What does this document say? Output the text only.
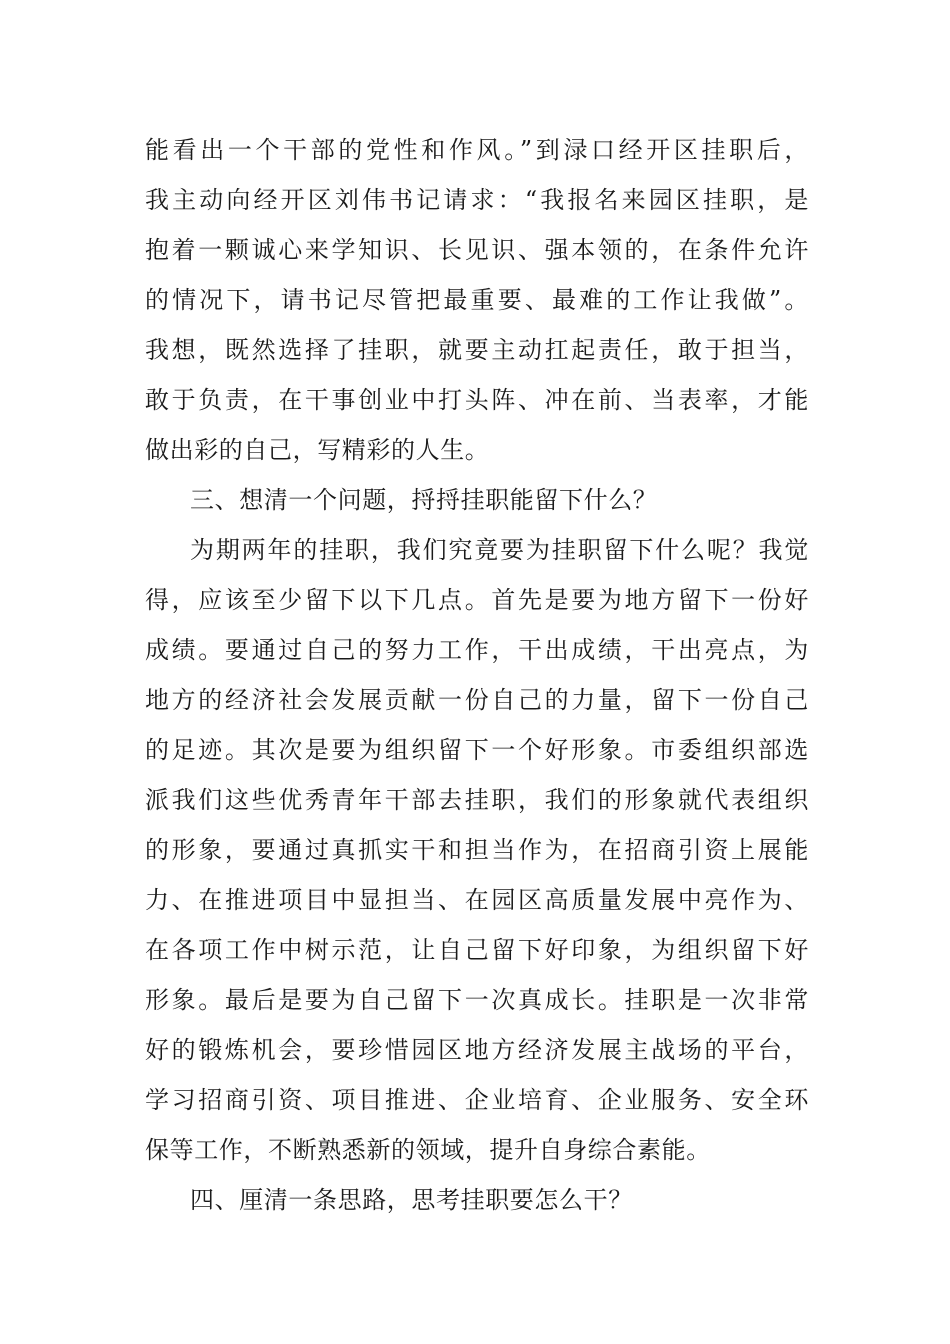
能看出一个干部的党性和作风。”到渌口经开区挂职后，
我主动向经开区刘伟书记请求：“我报名来园区挂职，是
抱着一颗诚心来学知识、长见识、强本领的，在条件允许
的情况下，请书记尽管把最重要、最难的工作让我做”。
我想，既然选择了挂职，就要主动扛起责任，敢于担当，
敢于负责，在干事创业中打头阵、冲在前、当表率，才能
做出彩的自己，写精彩的人生。
三、想清一个问题，捋捋挂职能留下什么？
为期两年的挂职，我们究竟要为挂职留下什么呢？我觉
得，应该至少留下以下几点。首先是要为地方留下一份好
成绩。要通过自己的努力工作，干出成绩，干出亮点，为
地方的经济社会发展贡献一份自己的力量，留下一份自己
的足迹。其次是要为组织留下一个好形象。市委组织部选
派我们这些优秀青年干部去挂职，我们的形象就代表组织
的形象，要通过真抓实干和担当作为，在招商引资上展能
力、在推进项目中显担当、在园区高质量发展中亮作为、
在各项工作中树示范，让自己留下好印象，为组织留下好
形象。最后是要为自己留下一次真成长。挂职是一次非常
好的锻炼机会，要珍惜园区地方经济发展主战场的平台，
学习招商引资、项目推进、企业培育、企业服务、安全环
保等工作，不断熟悉新的领域，提升自身综合素能。
四、厘清一条思路，思考挂职要怎么干？
